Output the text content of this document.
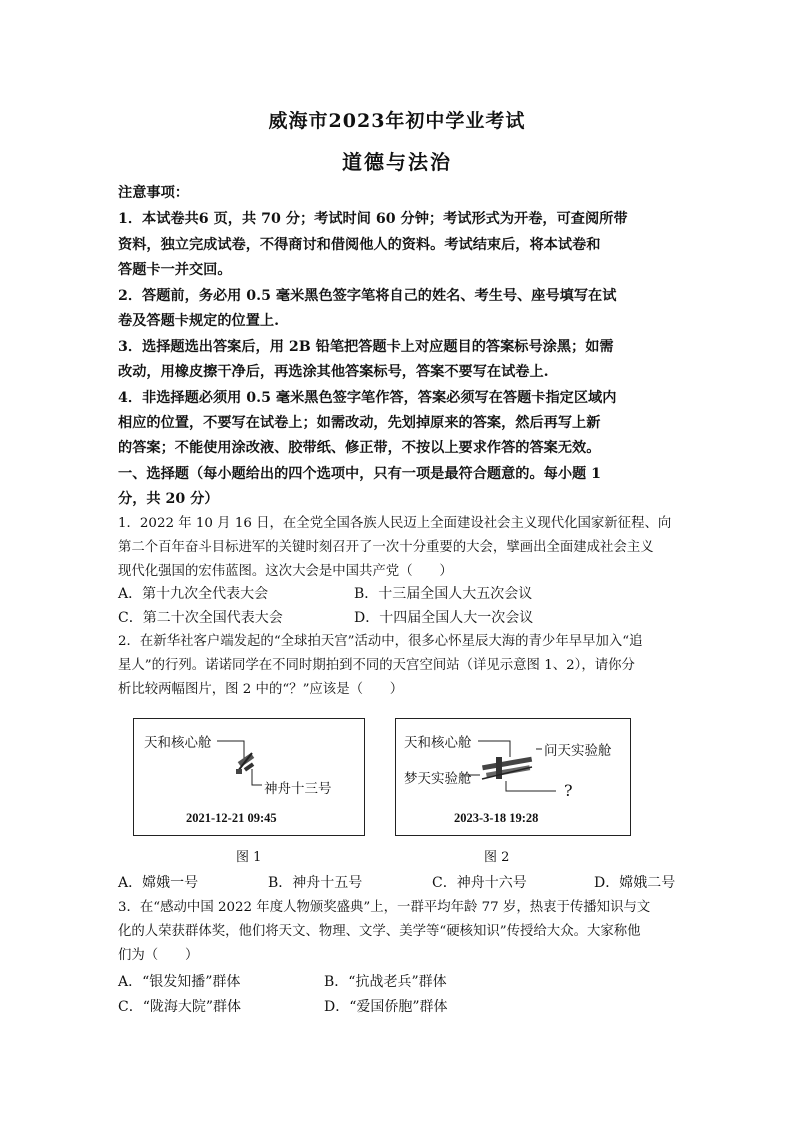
威海市2023年初中学业考试
道德与法治
注意事项：
1．本试卷共6 页，共 70 分；考试时间 60 分钟；考试形式为开卷，可查阅所带
资料，独立完成试卷，不得商讨和借阅他人的资料。考试结束后，将本试卷和
答题卡一并交回。
2．答题前，务必用 0.5 毫米黑色签字笔将自己的姓名、考生号、座号填写在试
卷及答题卡规定的位置上.
3．选择题选出答案后，用 2B 铅笔把答题卡上对应题目的答案标号涂黑；如需
改动，用橡皮擦干净后，再选涂其他答案标号，答案不要写在试卷上.
4．非选择题必须用 0.5 毫米黑色签字笔作答，答案必须写在答题卡指定区域内
相应的位置，不要写在试卷上；如需改动，先划掉原来的答案，然后再写上新
的答案；不能使用涂改液、胶带纸、修正带，不按以上要求作答的答案无效。
一、选择题（每小题给出的四个选项中，只有一项是最符合题意的。每小题 1
分，共 20 分）
1．2022 年 10 月 16 日，在全党全国各族人民迈上全面建设社会主义现代化国家新征程、向
第二个百年奋斗目标进军的关键时刻召开了一次十分重要的大会，擘画出全面建成社会主义
现代化强国的宏伟蓝图。这次大会是中国共产党（　　）
A．第十九次全代表大会	B．十三届全国人大五次会议
C．第二十次全国代表大会	D．十四届全国人大一次会议
2．在新华社客户端发起的“全球拍天宫”活动中，很多心怀星辰大海的青少年早早加入“追
星人”的行列。诺诺同学在不同时期拍到不同的天宫空间站（详见示意图 1、2），请你分
析比较两幅图片，图 2 中的“？”应该是（　　）
天和核心舱
神舟十三号
2021-12-21 09:45
图 1
天和核心舱	问天实验舱
梦天实验舱
?
2023-3-18 19:28
图 2
A．嫦娥一号	B．神舟十五号	C．神舟十六号	D．嫦娥二号
3．在“感动中国 2022 年度人物颁奖盛典”上，一群平均年龄 77 岁，热衷于传播知识与文
化的人荣获群体奖，他们将天文、物理、文学、美学等“硬核知识”传授给大众。大家称他
们为（　　）
A．“银发知播”群体	B．“抗战老兵”群体
C．“陇海大院”群体	D．“爱国侨胞”群体
